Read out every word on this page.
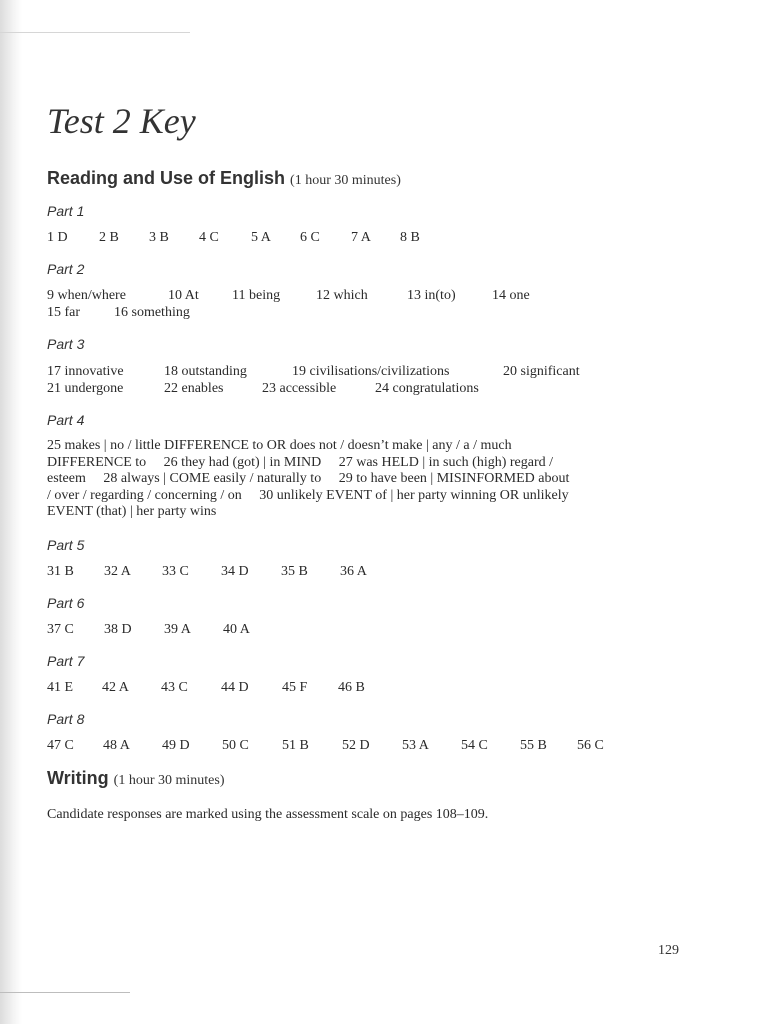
Test 2 Key
Reading and Use of English (1 hour 30 minutes)
Part 1
1 D 2 B 3 B 4 C 5 A 6 C 7 A 8 B
Part 2
9 when/where	10 At 11 being	12 which	13 in(to)	14 one
15 far 16 something
Part 3
17 innovative	18 outstanding	19 civilisations/civilizations	20 significant
21 undergone	22 enables	23 accessible	24 congratulations
Part 4
25 makes | no / little DIFFERENCE to OR does not / doesn’t make | any / a / much
DIFFERENCE to     26 they had (got) | in MIND     27 was HELD | in such (high) regard /
esteem     28 always | COME easily / naturally to     29 to have been | MISINFORMED about
/ over / regarding / concerning / on     30 unlikely EVENT of | her party winning OR unlikely
EVENT (that) | her party wins
Part 5
31 B 32 A 33 C 34 D 35 B 36 A
Part 6
37 C 38 D 39 A 40 A
Part 7
41 E 42 A 43 C 44 D 45 F 46 B
Part 8
47 C 48 A 49 D 50 C 51 B 52 D 53 A 54 C 55 B 56 C
Writing (1 hour 30 minutes)
Candidate responses are marked using the assessment scale on pages 108–109.
129
